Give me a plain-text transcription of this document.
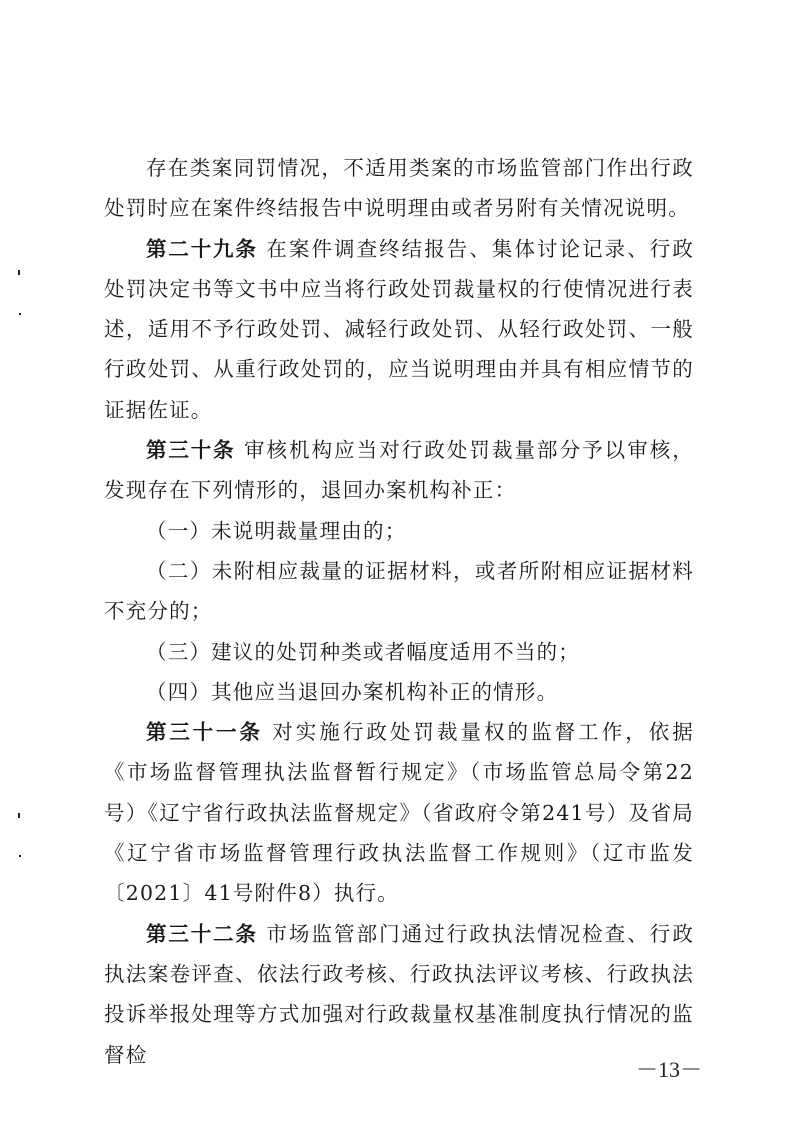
存在类案同罚情况，不适用类案的市场监管部门作出行政处罚时应在案件终结报告中说明理由或者另附有关情况说明。

第二十九条 在案件调查终结报告、集体讨论记录、行政处罚决定书等文书中应当将行政处罚裁量权的行使情况进行表述，适用不予行政处罚、减轻行政处罚、从轻行政处罚、一般行政处罚、从重行政处罚的，应当说明理由并具有相应情节的证据佐证。

第三十条 审核机构应当对行政处罚裁量部分予以审核，发现存在下列情形的，退回办案机构补正：

（一）未说明裁量理由的；

（二）未附相应裁量的证据材料，或者所附相应证据材料不充分的；

（三）建议的处罚种类或者幅度适用不当的；

（四）其他应当退回办案机构补正的情形。

第三十一条 对实施行政处罚裁量权的监督工作，依据《市场监督管理执法监督暂行规定》（市场监管总局令第22号）《辽宁省行政执法监督规定》（省政府令第241号）及省局《辽宁省市场监督管理行政执法监督工作规则》（辽市监发〔2021〕41号附件8）执行。

第三十二条 市场监管部门通过行政执法情况检查、行政执法案卷评查、依法行政考核、行政执法评议考核、行政执法投诉举报处理等方式加强对行政裁量权基准制度执行情况的监督检

－13－
